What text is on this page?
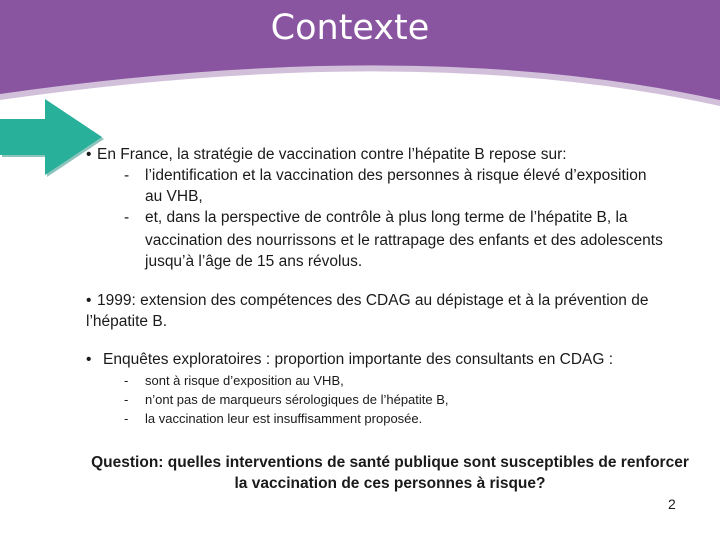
Contexte
• En France, la stratégie de vaccination contre l’hépatite B repose sur:
- l’identification et la vaccination des personnes à risque élevé d’exposition
au VHB,
- et, dans la perspective de contrôle à plus long terme de l’hépatite B, la
vaccination des nourrissons et le rattrapage des enfants et des adolescents
jusqu’à l’âge de 15 ans révolus.
• 1999: extension des compétences des CDAG au dépistage et à la prévention de
l’hépatite B.
• Enquêtes exploratoires : proportion importante des consultants en CDAG :
- sont à risque d’exposition au VHB,
- n’ont pas de marqueurs sérologiques de l’hépatite B,
- la vaccination leur est insuffisamment proposée.
Question: quelles interventions de santé publique sont susceptibles de renforcer
la vaccination de ces personnes à risque?
2
